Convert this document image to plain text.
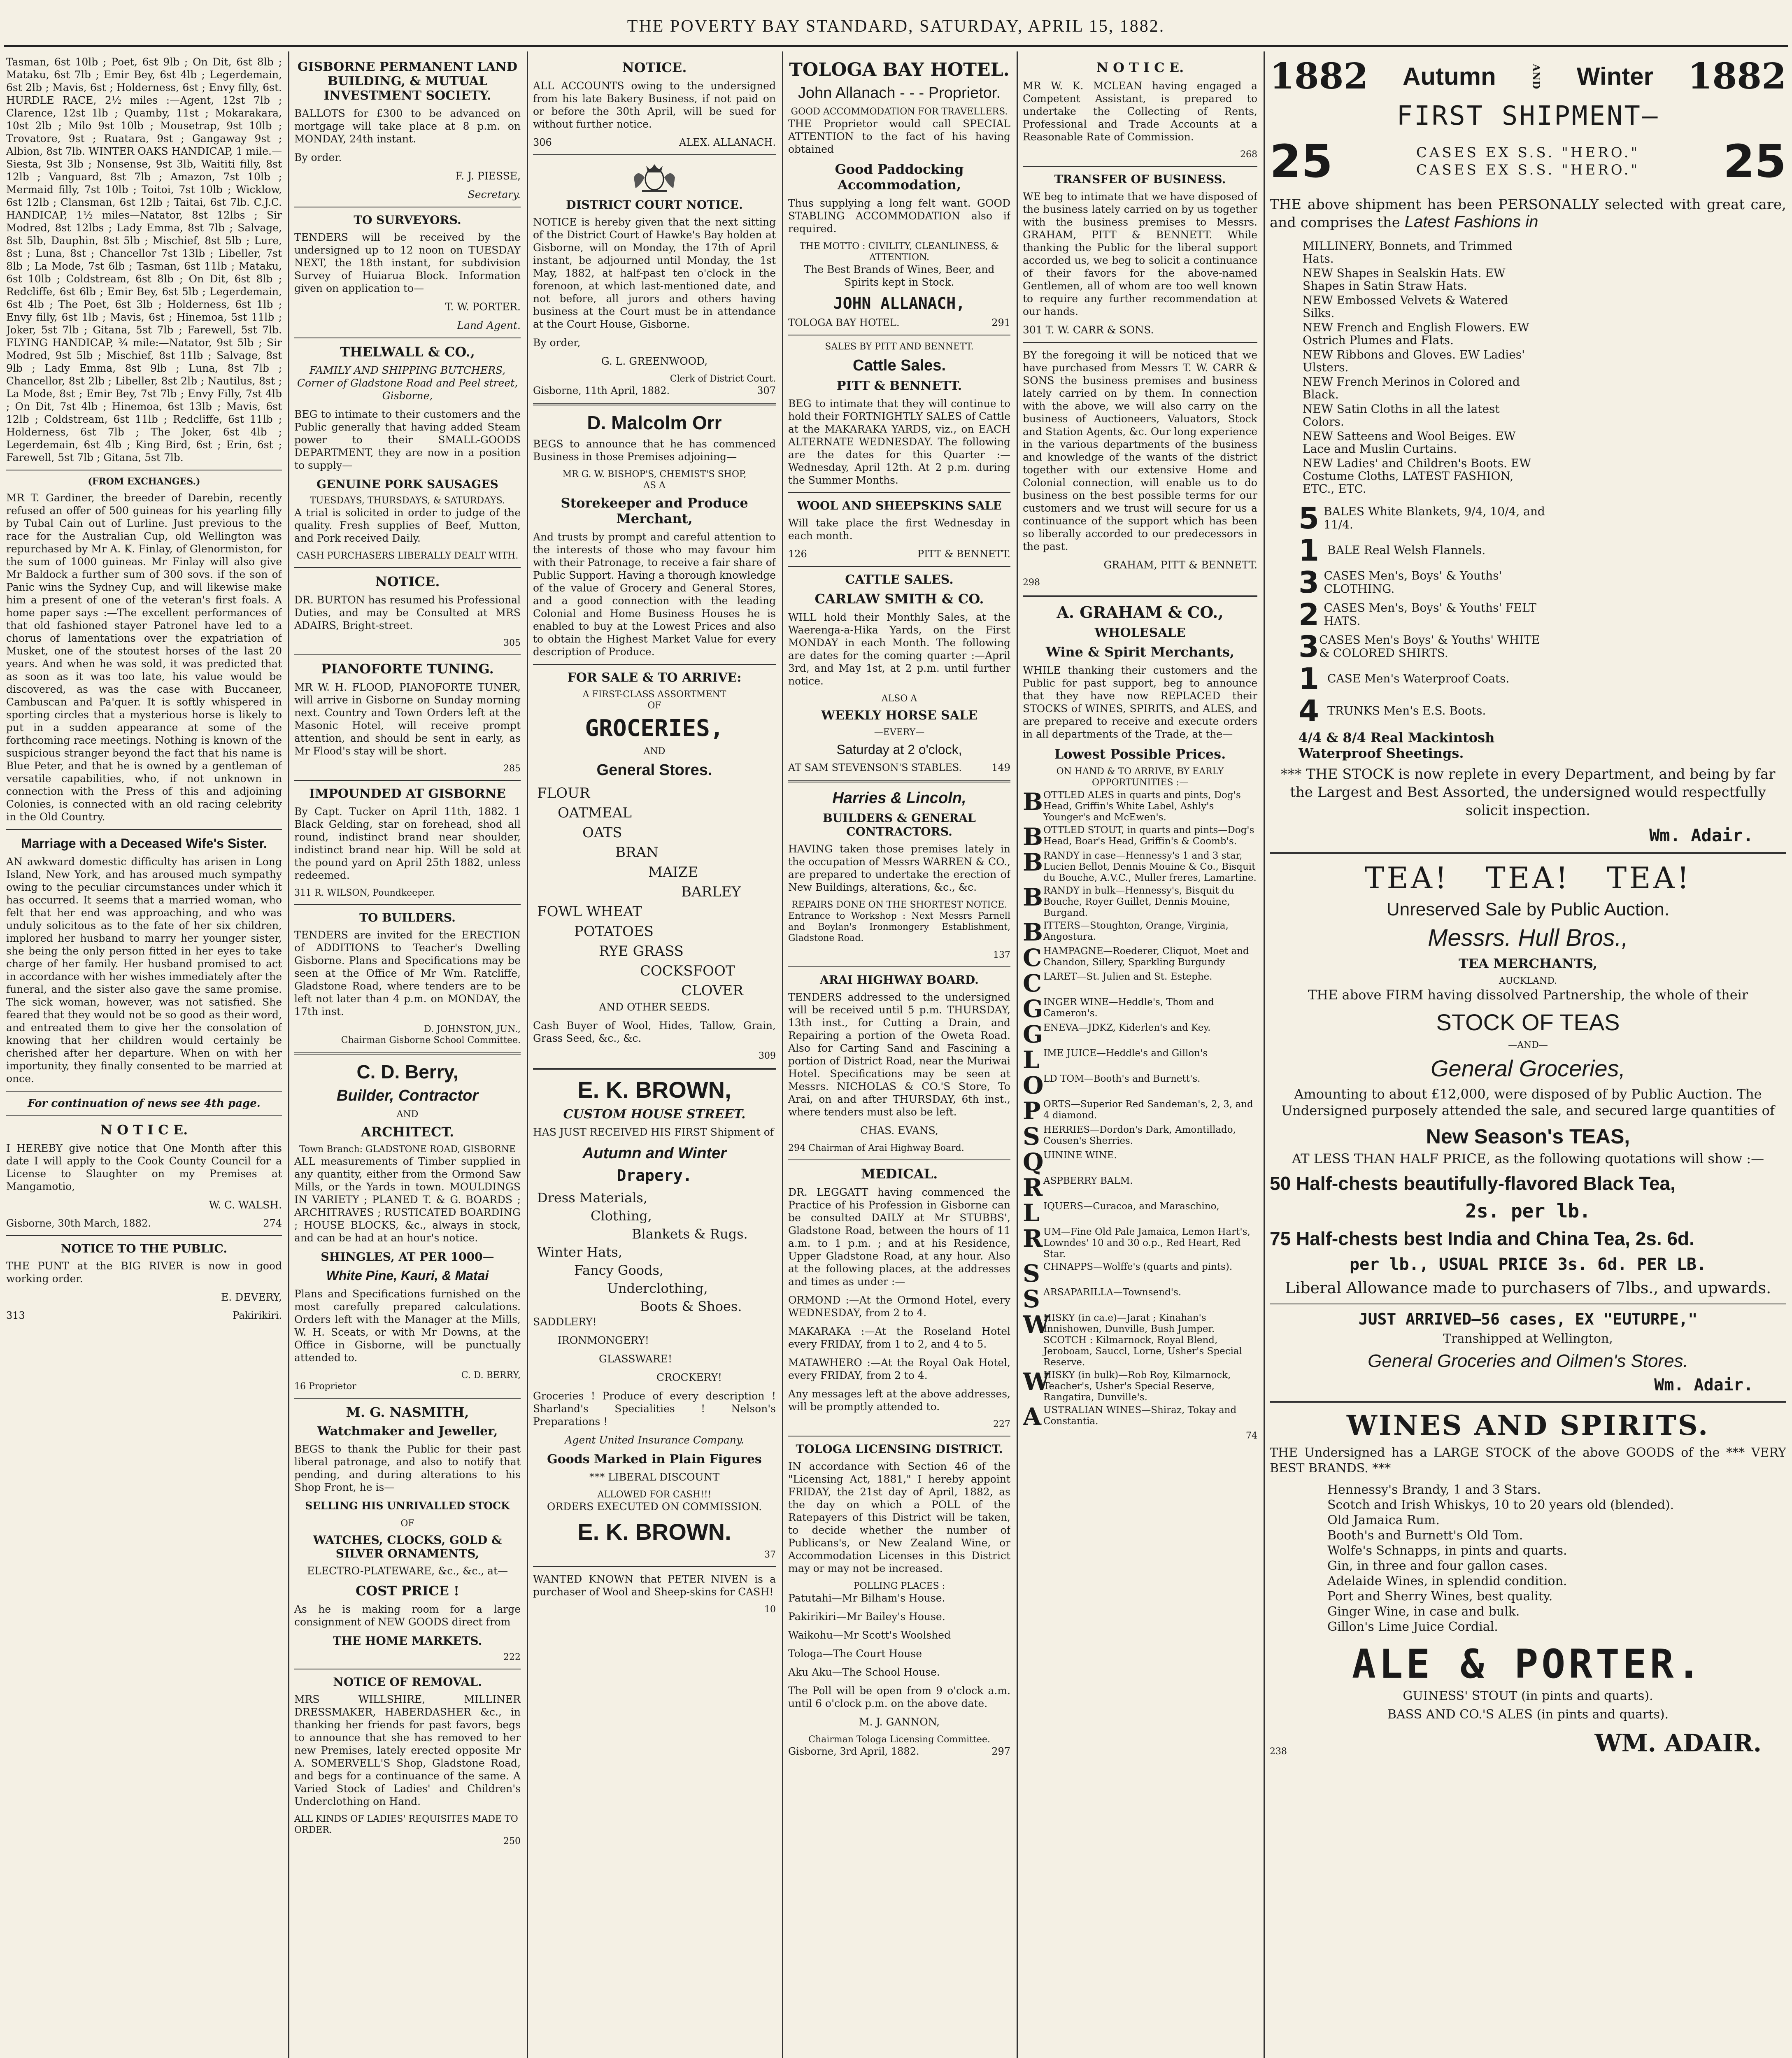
THE POVERTY BAY STANDARD, SATURDAY, APRIL 15, 1882.

Tasman, 6st 10lb ; Poet, 6st 9lb ; On Dit, 6st 8lb ; Mataku, 6st 7lb ; Emir Bey, 6st 4lb ; Legerdemain, 6st 2lb ; Mavis, 6st ; Holderness, 6st ; Envy filly, 6st. HURDLE RACE, 2½ miles :—Agent, 12st 7lb ; Clarence, 12st 1lb ; Quamby, 11st ; Mokarakara, 10st 2lb ; Milo 9st 10lb ; Mousetrap, 9st 10lb ; Trovatore, 9st ; Ruatara, 9st ; Gangaway 9st ; Albion, 8st 7lb. WINTER OAKS HANDICAP, 1 mile.—Siesta, 9st 3lb ; Nonsense, 9st 3lb, Waititi filly, 8st 12lb ; Vanguard, 8st 7lb ; Amazon, 7st 10lb ; Mermaid filly, 7st 10lb ; Toitoi, 7st 10lb ; Wicklow, 6st 12lb ; Clansman, 6st 12lb ; Taitai, 6st 7lb. C.J.C. HANDICAP, 1½ miles—Natator, 8st 12lbs ; Sir Modred, 8st 12lbs ; Lady Emma, 8st 7lb ; Salvage, 8st 5lb, Dauphin, 8st 5lb ; Mischief, 8st 5lb ; Lure, 8st ; Luna, 8st ; Chancellor 7st 13lb ; Libeller, 7st 8lb ; La Mode, 7st 6lb ; Tasman, 6st 11lb ; Mataku, 6st 10lb ; Coldstream, 6st 8lb ; On Dit, 6st 8lb ; Redcliffe, 6st 6lb ; Emir Bey, 6st 5lb ; Legerdemain, 6st 4lb ; The Poet, 6st 3lb ; Holderness, 6st 1lb ; Envy filly, 6st 1lb ; Mavis, 6st ; Hinemoa, 5st 11lb ; Joker, 5st 7lb ; Gitana, 5st 7lb ; Farewell, 5st 7lb. FLYING HANDICAP, ¾ mile:—Natator, 9st 5lb ; Sir Modred, 9st 5lb ; Mischief, 8st 11lb ; Salvage, 8st 9lb ; Lady Emma, 8st 9lb ; Luna, 8st 7lb ; Chancellor, 8st 2lb ; Libeller, 8st 2lb ; Nautilus, 8st ; La Mode, 8st ; Emir Bey, 7st 7lb ; Envy Filly, 7st 4lb ; On Dit, 7st 4lb ; Hinemoa, 6st 13lb ; Mavis, 6st 12lb ; Coldstream, 6st 11lb ; Redcliffe, 6st 11lb ; Holderness, 6st 7lb ; The Joker, 6st 4lb ; Legerdemain, 6st 4lb ; King Bird, 6st ; Erin, 6st ; Farewell, 5st 7lb ; Gitana, 5st 7lb.

(FROM EXCHANGES.)

MR T. Gardiner, the breeder of Darebin, recently refused an offer of 500 guineas for his yearling filly by Tubal Cain out of Lurline. Just previous to the race for the Australian Cup, old Wellington was repurchased by Mr A. K. Finlay, of Glenormiston, for the sum of 1000 guineas. Mr Finlay will also give Mr Baldock a further sum of 300 sovs. if the son of Panic wins the Sydney Cup, and will likewise make him a present of one of the veteran's first foals. A home paper says :—The excellent performances of that old fashioned stayer Patronel have led to a chorus of lamentations over the expatriation of Musket, one of the stoutest horses of the last 20 years. And when he was sold, it was predicted that as soon as it was too late, his value would be discovered, as was the case with Buccaneer, Cambuscan and Pa'quer. It is softly whispered in sporting circles that a mysterious horse is likely to put in a sudden appearance at some of the forthcoming race meetings. Nothing is known of the suspicious stranger beyond the fact that his name is Blue Peter, and that he is owned by a gentleman of versatile capabilities, who, if not unknown in connection with the Press of this and adjoining Colonies, is connected with an old racing celebrity in the Old Country.

Marriage with a Deceased Wife's Sister.

AN awkward domestic difficulty has arisen in Long Island, New York, and has aroused much sympathy owing to the peculiar circumstances under which it has occurred. It seems that a married woman, who felt that her end was approaching, and who was unduly solicitous as to the fate of her six children, implored her husband to marry her younger sister, she being the only person fitted in her eyes to take charge of her family. Her husband promised to act in accordance with her wishes immediately after the funeral, and the sister also gave the same promise. The sick woman, however, was not satisfied. She feared that they would not be so good as their word, and entreated them to give her the consolation of knowing that her children would certainly be cherished after her departure. When on with her importunity, they finally consented to be married at once.

For continuation of news see 4th page.
N O T I C E.

I HEREBY give notice that One Month after this date I will apply to the Cook County Council for a License to Slaughter on my Premises at Mangamotio,

W. C. WALSH.
Gisborne, 30th March, 1882.	274
NOTICE TO THE PUBLIC.

THE PUNT at the BIG RIVER is now in good working order.

E. DEVERY,
313	Pakirikiri.
GISBORNE PERMANENT LAND BUILDING, & MUTUAL INVESTMENT SOCIETY.

BALLOTS for £300 to be advanced on mortgage will take place at 8 p.m. on MONDAY, 24th instant.

By order.
F. J. PIESSE,
Secretary.
TO SURVEYORS.

TENDERS will be received by the undersigned up to 12 noon on TUESDAY NEXT, the 18th instant, for subdivision Survey of Huiarua Block. Information given on application to—

T. W. PORTER.
Land Agent.
THELWALL & CO.,
FAMILY AND SHIPPING BUTCHERS, Corner of Gladstone Road and Peel street, Gisborne,

BEG to intimate to their customers and the Public generally that having added Steam power to their SMALL-GOODS DEPARTMENT, they are now in a position to supply—

GENUINE PORK SAUSAGES
TUESDAYS, THURSDAYS, & SATURDAYS.

A trial is solicited in order to judge of the quality. Fresh supplies of Beef, Mutton, and Pork received Daily.

CASH PURCHASERS LIBERALLY DEALT WITH.
NOTICE.

DR. BURTON has resumed his Professional Duties, and may be Consulted at MRS ADAIRS, Bright-street.

305
PIANOFORTE TUNING.

MR W. H. FLOOD, PIANOFORTE TUNER, will arrive in Gisborne on Sunday morning next. Country and Town Orders left at the Masonic Hotel, will receive prompt attention, and should be sent in early, as Mr Flood's stay will be short.

285
IMPOUNDED AT GISBORNE

By Capt. Tucker on April 11th, 1882. 1 Black Gelding, star on forehead, shod all round, indistinct brand near shoulder, indistinct brand near hip. Will be sold at the pound yard on April 25th 1882, unless redeemed.

311 R. WILSON, Poundkeeper.
TO BUILDERS.

TENDERS are invited for the ERECTION of ADDITIONS to Teacher's Dwelling Gisborne. Plans and Specifications may be seen at the Office of Mr Wm. Ratcliffe, Gladstone Road, where tenders are to be left not later than 4 p.m. on MONDAY, the 17th inst.

D. JOHNSTON, JUN.,
Chairman Gisborne School Committee.
C. D. Berry,
Builder, Contractor
AND
ARCHITECT.
Town Branch: GLADSTONE ROAD, GISBORNE

ALL measurements of Timber supplied in any quantity, either from the Ormond Saw Mills, or the Yards in town. MOULDINGS IN VARIETY ; PLANED T. & G. BOARDS ; ARCHITRAVES ; RUSTICATED BOARDING ; HOUSE BLOCKS, &c., always in stock, and can be had at an hour's notice.

SHINGLES, AT PER 1000—
White Pine, Kauri, & Matai

Plans and Specifications furnished on the most carefully prepared calculations. Orders left with the Manager at the Mills, W. H. Sceats, or with Mr Downs, at the Office in Gisborne, will be punctually attended to.

C. D. BERRY,
16 Proprietor
M. G. NASMITH,
Watchmaker and Jeweller,

BEGS to thank the Public for their past liberal patronage, and also to notify that pending, and during alterations to his Shop Front, he is—

SELLING HIS UNRIVALLED STOCK
OF
WATCHES, CLOCKS, GOLD & SILVER ORNAMENTS,
ELECTRO-PLATEWARE, &c., &c., at—
COST PRICE !

As he is making room for a large consignment of NEW GOODS direct from

THE HOME MARKETS.
222
NOTICE OF REMOVAL.

MRS WILLSHIRE, MILLINER DRESSMAKER, HABERDASHER &c., in thanking her friends for past favors, begs to announce that she has removed to her new Premises, lately erected opposite Mr A. SOMERVELL'S Shop, Gladstone Road, and begs for a continuance of the same. A Varied Stock of Ladies' and Children's Underclothing on Hand.

ALL KINDS OF LADIES' REQUISITES MADE TO ORDER.
250
NOTICE.

ALL ACCOUNTS owing to the undersigned from his late Bakery Business, if not paid on or before the 30th April, will be sued for without further notice.

306	ALEX. ALLANACH.
DISTRICT COURT NOTICE.

NOTICE is hereby given that the next sitting of the District Court of Hawke's Bay holden at Gisborne, will on Monday, the 17th of April instant, be adjourned until Monday, the 1st May, 1882, at half-past ten o'clock in the forenoon, at which last-mentioned date, and not before, all jurors and others having business at the Court must be in attendance at the Court House, Gisborne.

By order,
G. L. GREENWOOD,
Clerk of District Court.
Gisborne, 11th April, 1882.	307
D. Malcolm Orr

BEGS to announce that he has commenced Business in those Premises adjoining—

MR G. W. BISHOP'S, CHEMIST'S SHOP,
AS A
Storekeeper and Produce Merchant,

And trusts by prompt and careful attention to the interests of those who may favour him with their Patronage, to receive a fair share of Public Support. Having a thorough knowledge of the value of Grocery and General Stores, and a good connection with the leading Colonial and Home Business Houses he is enabled to buy at the Lowest Prices and also to obtain the Highest Market Value for every description of Produce.

FOR SALE & TO ARRIVE:
A FIRST-CLASS ASSORTMENT
OF
GROCERIES,
AND
General Stores.
FLOUR
OATMEAL
OATS
BRAN
MAIZE
BARLEY
FOWL WHEAT
POTATOES
RYE GRASS
COCKSFOOT
CLOVER
AND OTHER SEEDS.

Cash Buyer of Wool, Hides, Tallow, Grain, Grass Seed, &c., &c.

309
E. K. BROWN,
CUSTOM HOUSE STREET.

HAS JUST RECEIVED HIS FIRST Shipment of

Autumn and Winter
Drapery.
Dress Materials,
Clothing,
Blankets & Rugs.
Winter Hats,
Fancy Goods,
Underclothing,
Boots & Shoes.
SADDLERY!
IRONMONGERY!
GLASSWARE!
CROCKERY!

Groceries ! Produce of every description ! Sharland's Specialities ! Nelson's Preparations !

Agent United Insurance Company.
Goods Marked in Plain Figures
*** LIBERAL DISCOUNT
ALLOWED FOR CASH!!!
ORDERS EXECUTED ON COMMISSION.
E. K. BROWN.
37

WANTED KNOWN that PETER NIVEN is a purchaser of Wool and Sheep-skins for CASH!

10
TOLOGA BAY HOTEL.
John Allanach - - - Proprietor.
GOOD ACCOMMODATION FOR TRAVELLERS.

THE Proprietor would call SPECIAL ATTENTION to the fact of his having obtained

Good Paddocking Accommodation,

Thus supplying a long felt want. GOOD STABLING ACCOMMODATION also if required.

THE MOTTO : CIVILITY, CLEANLINESS, & ATTENTION.
The Best Brands of Wines, Beer, and Spirits kept in Stock.
JOHN ALLANACH,
TOLOGA BAY HOTEL.	291
SALES BY PITT AND BENNETT.
Cattle Sales.
PITT & BENNETT.

BEG to intimate that they will continue to hold their FORTNIGHTLY SALES of Cattle at the MAKARAKA YARDS, viz., on EACH ALTERNATE WEDNESDAY. The following are the dates for this Quarter :— Wednesday, April 12th. At 2 p.m. during the Summer Months.

WOOL AND SHEEPSKINS SALE

Will take place the first Wednesday in each month.

126	PITT & BENNETT.
CATTLE SALES.
CARLAW SMITH & CO.

WILL hold their Monthly Sales, at the Waerenga-a-Hika Yards, on the First MONDAY in each Month. The following are dates for the coming quarter :—April 3rd, and May 1st, at 2 p.m. until further notice.

ALSO A
WEEKLY HORSE SALE
—EVERY—
Saturday at 2 o'clock,
AT SAM STEVENSON'S STABLES.	149
Harries & Lincoln,
BUILDERS & GENERAL CONTRACTORS.

HAVING taken those premises lately in the occupation of Messrs WARREN & CO., are prepared to undertake the erection of New Buildings, alterations, &c., &c.

REPAIRS DONE ON THE SHORTEST NOTICE.

Entrance to Workshop : Next Messrs Parnell and Boylan's Ironmongery Establishment, Gladstone Road.

137
ARAI HIGHWAY BOARD.

TENDERS addressed to the undersigned will be received until 5 p.m. THURSDAY, 13th inst., for Cutting a Drain, and Repairing a portion of the Oweta Road. Also for Carting Sand and Fascining a portion of District Road, near the Muriwai Hotel. Specifications may be seen at Messrs. NICHOLAS & CO.'S Store, To Arai, on and after THURSDAY, 6th inst., where tenders must also be left.

CHAS. EVANS,
294 Chairman of Arai Highway Board.
MEDICAL.

DR. LEGGATT having commenced the Practice of his Profession in Gisborne can be consulted DAILY at Mr STUBBS', Gladstone Road, between the hours of 11 a.m. to 1 p.m. ; and at his Residence, Upper Gladstone Road, at any hour. Also at the following places, at the addresses and times as under :—

ORMOND :—At the Ormond Hotel, every WEDNESDAY, from 2 to 4.

MAKARAKA :—At the Roseland Hotel every FRIDAY, from 1 to 2, and 4 to 5.

MATAWHERO :—At the Royal Oak Hotel, every FRIDAY, from 2 to 4.

Any messages left at the above addresses, will be promptly attended to.

227
TOLOGA LICENSING DISTRICT.

IN accordance with Section 46 of the "Licensing Act, 1881," I hereby appoint FRIDAY, the 21st day of April, 1882, as the day on which a POLL of the Ratepayers of this District will be taken, to decide whether the number of Publicans's, or New Zealand Wine, or Accommodation Licenses in this District may or may not be increased.

POLLING PLACES :
Patutahi—Mr Bilham's House.
Pakirikiri—Mr Bailey's House.
Waikohu—Mr Scott's Woolshed
Tologa—The Court House
Aku Aku—The School House.

The Poll will be open from 9 o'clock a.m. until 6 o'clock p.m. on the above date.

M. J. GANNON,
Chairman Tologa Licensing Committee.
Gisborne, 3rd April, 1882.	297
N O T I C E.

MR W. K. MCLEAN having engaged a Competent Assistant, is prepared to undertake the Collecting of Rents, Professional and Trade Accounts at a Reasonable Rate of Commission.

268
TRANSFER OF BUSINESS.

WE beg to intimate that we have disposed of the business lately carried on by us together with the business premises to Messrs. GRAHAM, PITT & BENNETT. While thanking the Public for the liberal support accorded us, we beg to solicit a continuance of their favors for the above-named Gentlemen, all of whom are too well known to require any further recommendation at our hands.

301 T. W. CARR & SONS.

BY the foregoing it will be noticed that we have purchased from Messrs T. W. CARR & SONS the business premises and business lately carried on by them. In connection with the above, we will also carry on the business of Auctioneers, Valuators, Stock and Station Agents, &c. Our long experience in the various departments of the business and knowledge of the wants of the district together with our extensive Home and Colonial connection, will enable us to do business on the best possible terms for our customers and we trust will secure for us a continuance of the support which has been so liberally accorded to our predecessors in the past.

GRAHAM, PITT & BENNETT.
298
A. GRAHAM & CO.,
WHOLESALE
Wine & Spirit Merchants,

WHILE thanking their customers and the Public for past support, beg to announce that they have now REPLACED their STOCKS of WINES, SPIRITS, and ALES, and are prepared to receive and execute orders in all departments of the Trade, at the—

Lowest Possible Prices.
ON HAND & TO ARRIVE, BY EARLY OPPORTUNITIES :—
B OTTLED ALES in quarts and pints, Dog's Head, Griffin's White Label, Ashly's Younger's and McEwen's.
B OTTLED STOUT, in quarts and pints—Dog's Head, Boar's Head, Griffin's & Coomb's.
B RANDY in case—Hennessy's 1 and 3 star, Lucien Bellot, Dennis Mouine & Co., Bisquit du Bouche, A.V.C., Muller freres, Lamartine.
B RANDY in bulk—Hennessy's, Bisquit du Bouche, Royer Guillet, Dennis Mouine, Burgand.
B ITTERS—Stoughton, Orange, Virginia, Angostura.
C HAMPAGNE—Roederer, Cliquot, Moet and Chandon, Sillery, Sparkling Burgundy
C LARET—St. Julien and St. Estephe.
G INGER WINE—Heddle's, Thom and Cameron's.
G ENEVA—JDKZ, Kiderlen's and Key.
L IME JUICE—Heddle's and Gillon's
O LD TOM—Booth's and Burnett's.
P ORTS—Superior Red Sandeman's, 2, 3, and 4 diamond.
S HERRIES—Dordon's Dark, Amontillado, Cousen's Sherries.
Q UININE WINE.
R ASPBERRY BALM.
L IQUERS—Curacoa, and Maraschino,
R UM—Fine Old Pale Jamaica, Lemon Hart's, Lowndes' 10 and 30 o.p., Red Heart, Red Star.
S CHNAPPS—Wolffe's (quarts and pints).
S ARSAPARILLA—Townsend's.
W
HISKY (in ca.e)—Jarat ; Kinahan's Innishowen, Dunville, Bush Jumper. SCOTCH : Kilmarnock, Royal Blend, Jeroboam, Sauccl, Lorne, Usher's Special Reserve.
W
HISKY (in bulk)—Rob Roy, Kilmarnock, Teacher's, Usher's Special Reserve, Rangatira, Dunville's.
A USTRALIAN WINES—Shiraz, Tokay and Constantia.
74
1882 Autumn	AND Winter 1882
FIRST SHIPMENT—
25	CASES EX S.S. "HERO."
CASES EX S.S. "HERO." 25

THE above shipment has been PERSONALLY selected with great care, and comprises the Latest Fashions in

MILLINERY, Bonnets, and Trimmed Hats.
NEW Shapes in Sealskin Hats. EW Shapes in Satin Straw Hats.
NEW Embossed Velvets & Watered Silks.
NEW French and English Flowers. EW Ostrich Plumes and Flats.
NEW Ribbons and Gloves. EW Ladies' Ulsters.
NEW French Merinos in Colored and Black.
NEW Satin Cloths in all the latest Colors.
NEW Satteens and Wool Beiges. EW Lace and Muslin Curtains.
NEW Ladies' and Children's Boots. EW Costume Cloths, LATEST FASHION, ETC., ETC.
5 BALES White Blankets, 9/4, 10/4, and 11/4.
1 BALE Real Welsh Flannels.
3 CASES Men's, Boys' & Youths' CLOTHING.
2 CASES Men's, Boys' & Youths' FELT HATS.
3 CASES Men's Boys' & Youths' WHITE & COLORED SHIRTS.
1 CASE Men's Waterproof Coats.
4 TRUNKS Men's E.S. Boots.
4/4 & 8/4 Real Mackintosh Waterproof Sheetings.

*** THE STOCK is now replete in every Department, and being by far the Largest and Best Assorted, the undersigned would respectfully solicit inspection.

Wm. Adair.
TEA! TEA! TEA!
Unreserved Sale by Public Auction.
Messrs. Hull Bros.,
TEA MERCHANTS,
AUCKLAND.

THE above FIRM having dissolved Partnership, the whole of their

STOCK OF TEAS
—AND—
General Groceries,

Amounting to about £12,000, were disposed of by Public Auction. The Undersigned purposely attended the sale, and secured large quantities of

New Season's TEAS,
AT LESS THAN HALF PRICE, as the following quotations will show :—
50 Half-chests beautifully-flavored Black Tea,
2s. per lb.
75 Half-chests best India and China Tea, 2s. 6d.
per lb., USUAL PRICE 3s. 6d. PER LB.
Liberal Allowance made to purchasers of 7lbs., and upwards.
JUST ARRIVED—56 cases, EX "EUTURPE,"
Transhipped at Wellington,
General Groceries and Oilmen's Stores.
Wm. Adair.
WINES AND SPIRITS.

THE Undersigned has a LARGE STOCK of the above GOODS of the *** VERY BEST BRANDS. ***

Hennessy's Brandy, 1 and 3 Stars.
Scotch and Irish Whiskys, 10 to 20 years old (blended).
Old Jamaica Rum.
Booth's and Burnett's Old Tom.
Wolfe's Schnapps, in pints and quarts.
Gin, in three and four gallon cases.
Adelaide Wines, in splendid condition.
Port and Sherry Wines, best quality.
Ginger Wine, in case and bulk.
Gillon's Lime Juice Cordial.
ALE & PORTER.
GUINESS' STOUT (in pints and quarts).
BASS AND CO.'S ALES (in pints and quarts).
238	WM. ADAIR.
